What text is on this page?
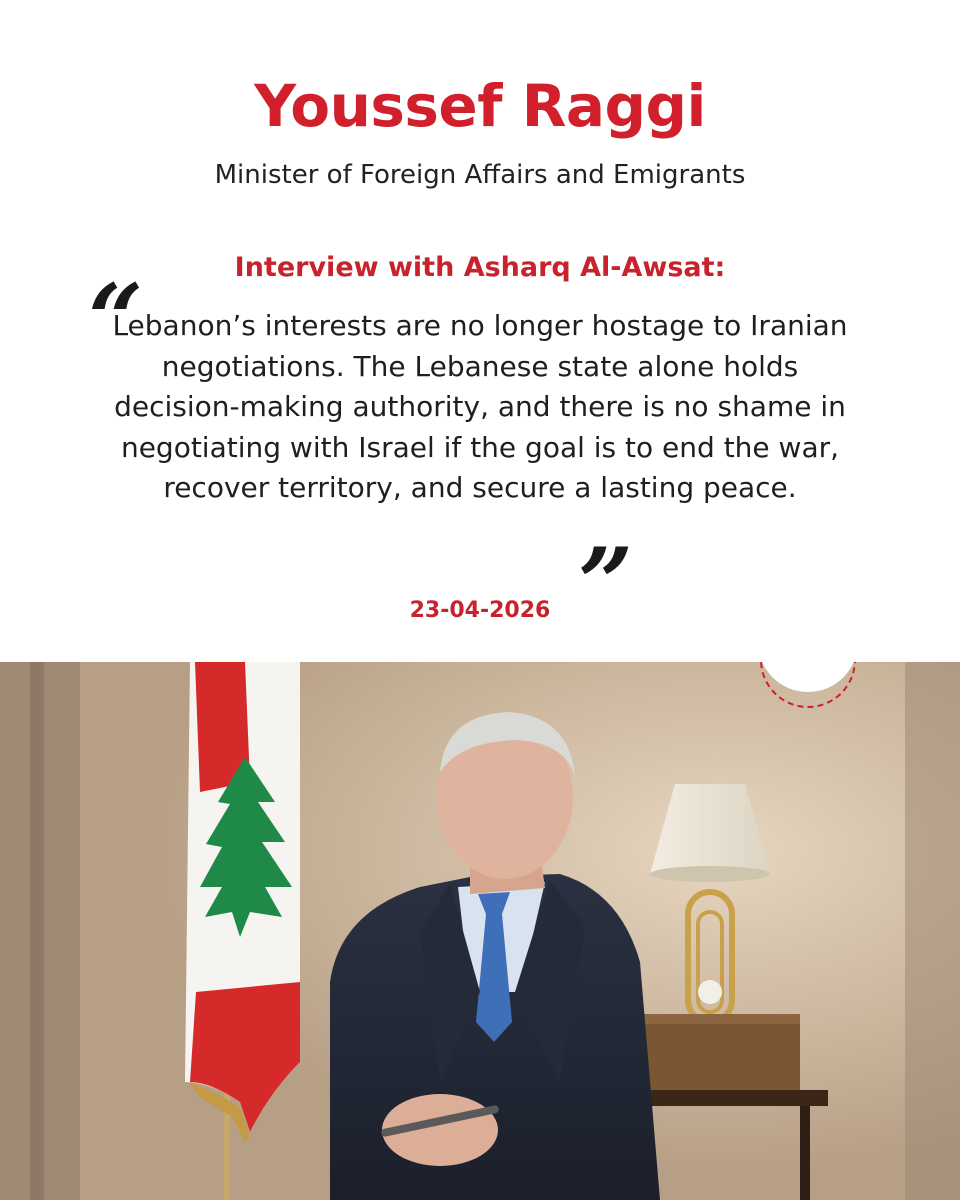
Youssef Raggi
Minister of Foreign Affairs and Emigrants
Interview with Asharq Al-Awsat:
“
Lebanon’s interests are no longer hostage to Iranian negotiations. The Lebanese state alone holds decision-making authority, and there is no shame in negotiating with Israel if the goal is to end the war, recover territory, and secure a lasting peace.
”
23-04-2026
